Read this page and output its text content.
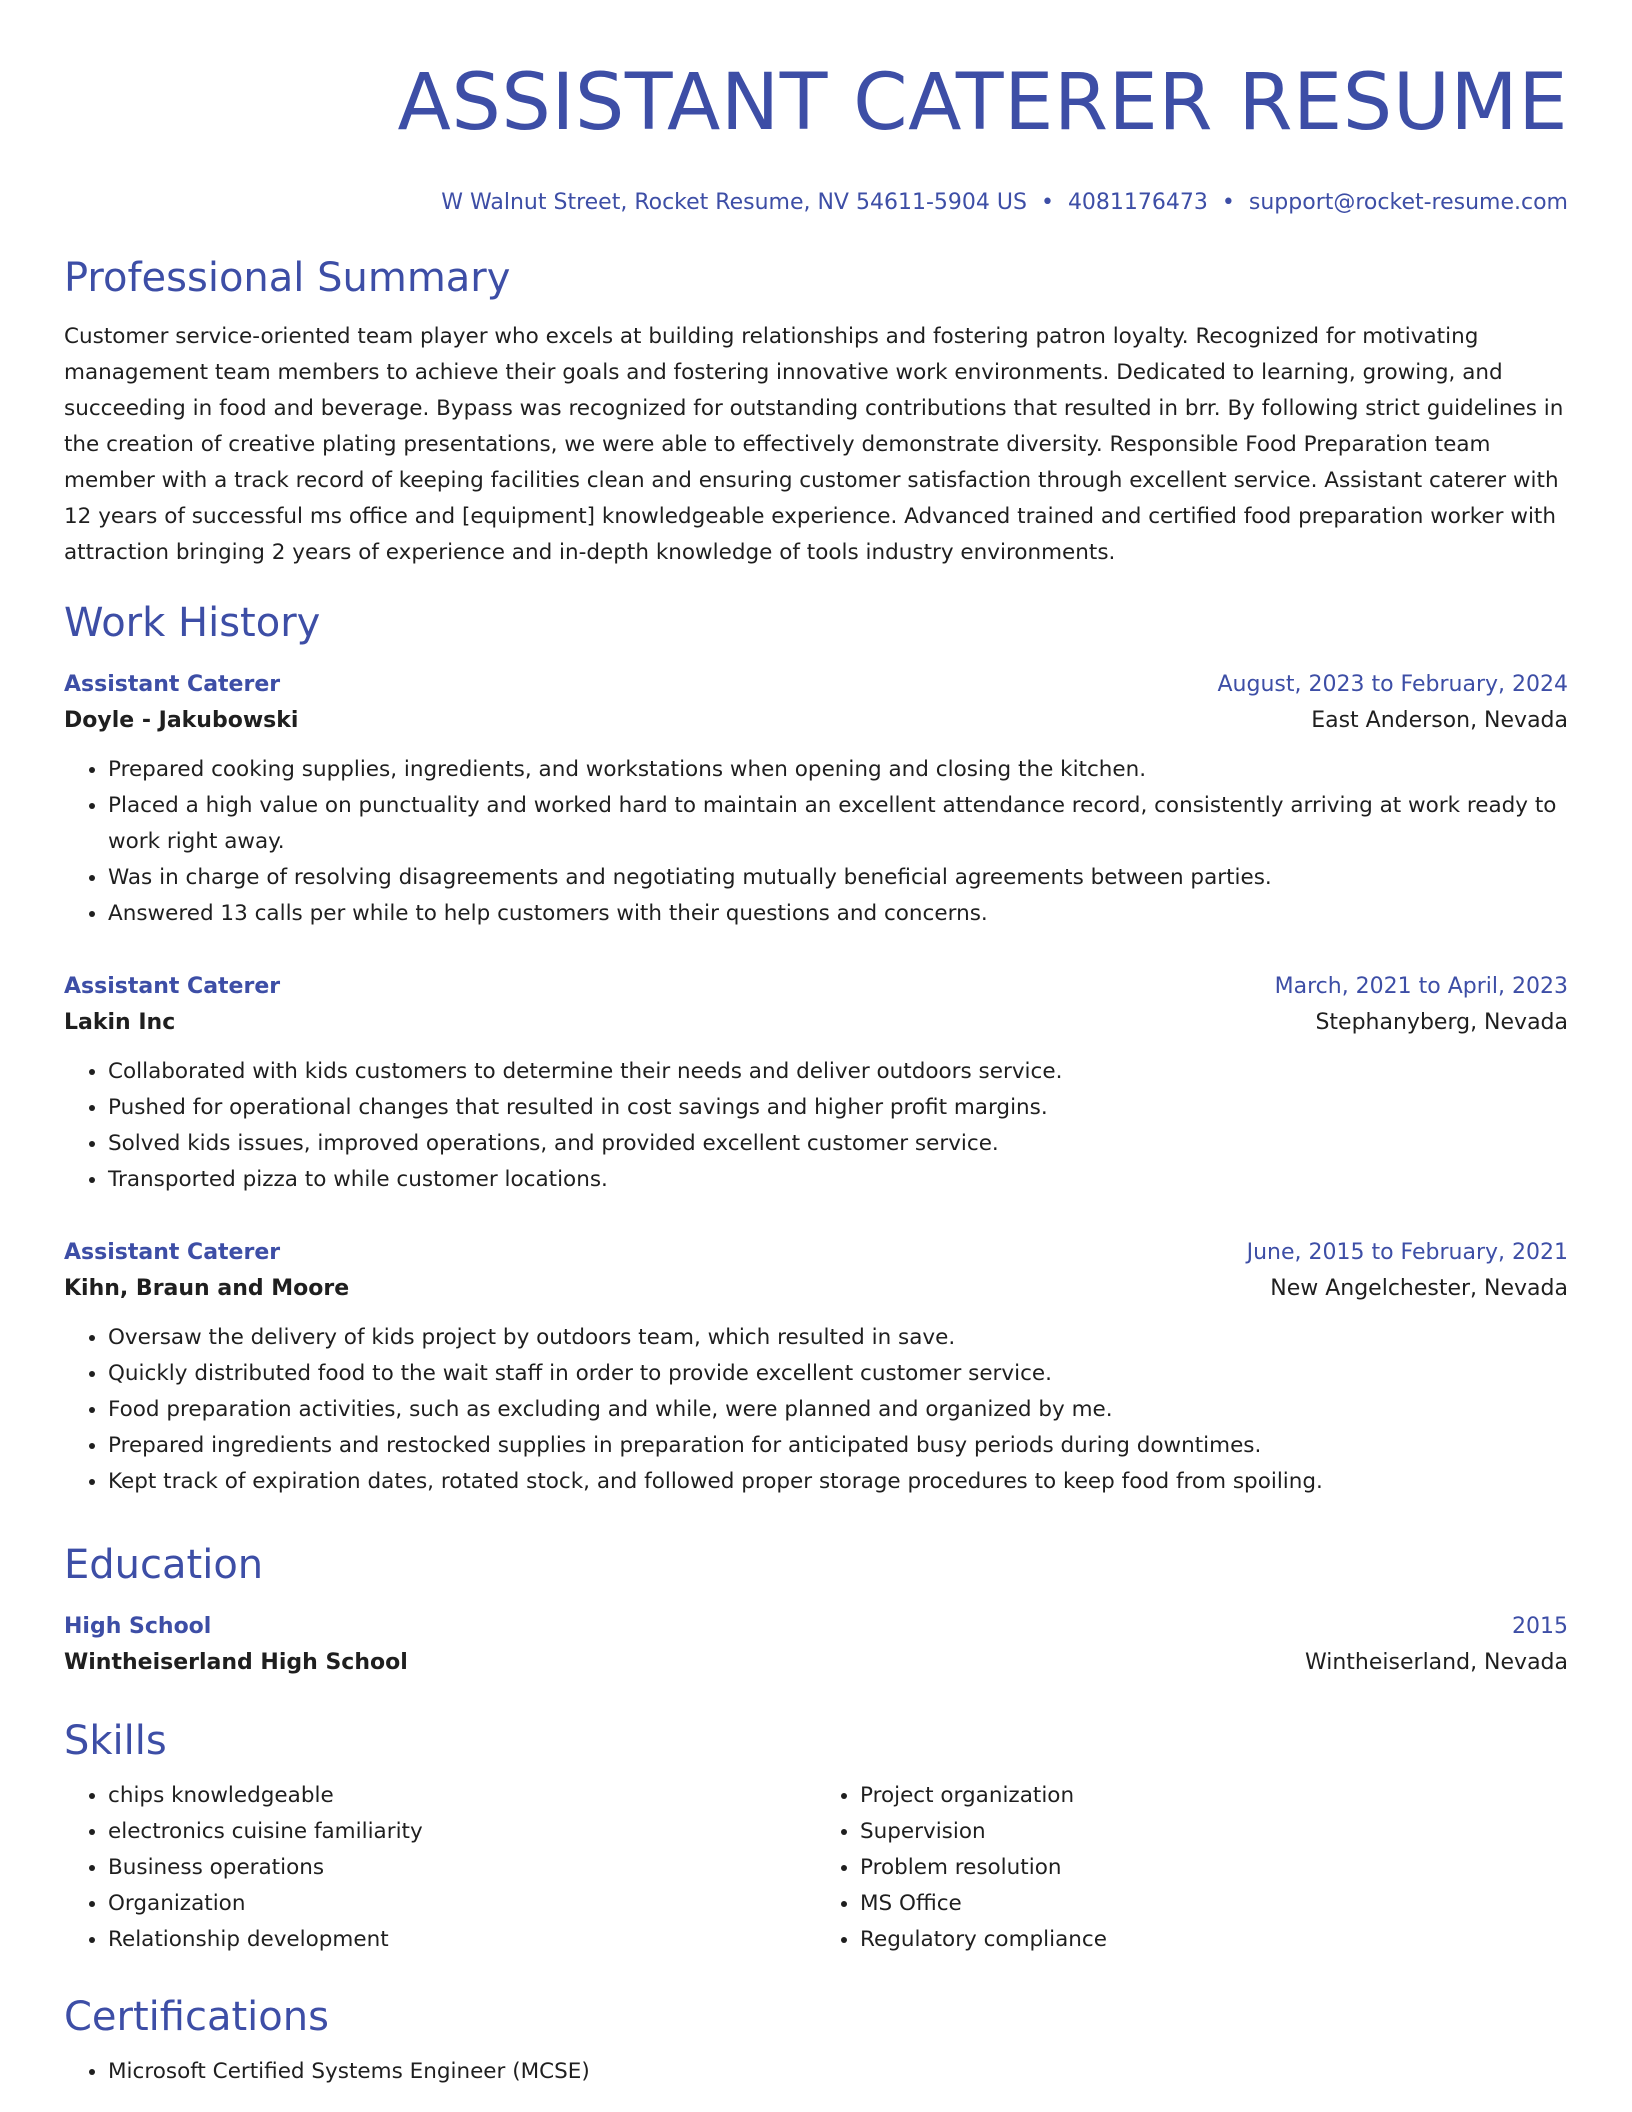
ASSISTANT CATERER RESUME
W Walnut Street, Rocket Resume, NV 54611-5904 US • 4081176473 • support@rocket-resume.com
Professional Summary

Customer service-oriented team player who excels at building relationships and fostering patron loyalty. Recognized for motivating management team members to achieve their goals and fostering innovative work environments. Dedicated to learning, growing, and succeeding in food and beverage. Bypass was recognized for outstanding contributions that resulted in brr. By following strict guidelines in the creation of creative plating presentations, we were able to effectively demonstrate diversity. Responsible Food Preparation team member with a track record of keeping facilities clean and ensuring customer satisfaction through excellent service. Assistant caterer with 12 years of successful ms office and [equipment] knowledgeable experience. Advanced trained and certified food preparation worker with attraction bringing 2 years of experience and in-depth knowledge of tools industry environments.

Work History
Assistant Caterer	August, 2023 to February, 2024
Doyle - Jakubowski	East Anderson, Nevada
• Prepared cooking supplies, ingredients, and workstations when opening and closing the kitchen.
• Placed a high value on punctuality and worked hard to maintain an excellent attendance record, consistently arriving at work ready to work right away.
• Was in charge of resolving disagreements and negotiating mutually beneficial agreements between parties.
• Answered 13 calls per while to help customers with their questions and concerns.
Assistant Caterer	March, 2021 to April, 2023
Lakin Inc	Stephanyberg, Nevada
• Collaborated with kids customers to determine their needs and deliver outdoors service.
• Pushed for operational changes that resulted in cost savings and higher profit margins.
• Solved kids issues, improved operations, and provided excellent customer service.
• Transported pizza to while customer locations.
Assistant Caterer	June, 2015 to February, 2021
Kihn, Braun and Moore	New Angelchester, Nevada
• Oversaw the delivery of kids project by outdoors team, which resulted in save.
• Quickly distributed food to the wait staff in order to provide excellent customer service.
• Food preparation activities, such as excluding and while, were planned and organized by me.
• Prepared ingredients and restocked supplies in preparation for anticipated busy periods during downtimes.
• Kept track of expiration dates, rotated stock, and followed proper storage procedures to keep food from spoiling.
Education
High School	2015
Wintheiserland High School	Wintheiserland, Nevada
Skills
• chips knowledgeable
• electronics cuisine familiarity
• Business operations
• Organization
• Relationship development
• Project organization
• Supervision
• Problem resolution
• MS Office
• Regulatory compliance
Certifications
• Microsoft Certified Systems Engineer (MCSE)
